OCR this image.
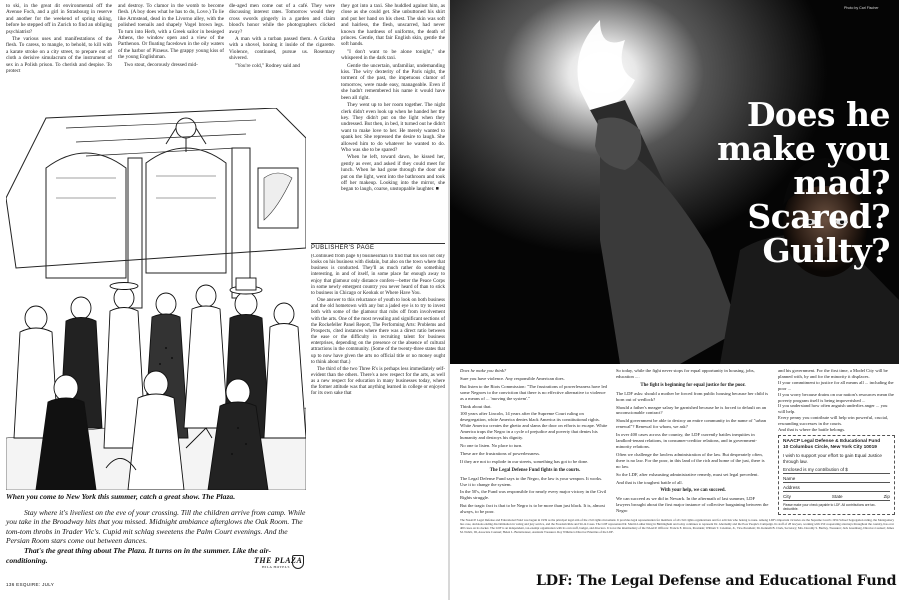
to ski, in the great 4it environmental off the Avenue Foch, and a girl in Strasbourg in reserve and another for the weekend of spring skiing, before he stepped off in Zurich to find an obliging psychiatrist?

The various uses and manifestations of the flesh. To caress, to mangle, to behold, to kill with a karate stroke on a city street, to prepare out of cloth a derisive simulacrum of the instrument of sex in a Polish prison. To cherish and despise. To protect

and destroy. To clamor in the womb to become flesh. (A boy does what he has to do, Love.) To lie like Armstead, dead in the Livorno alley, with the polished toenails and shapely Vogel brown legs. To turn into Herb, with a Greek sailor in besieged Athens, the window open and a view of the Parthenon. Or floating facedown in the oily waters of the harbor of Piraeus. The grappy young kiss of the young Englishman.

Two stout, decorously dressed mid-

dle-aged men come out of a café. They were discussing interest rates. Tomorrow would they cross swords gingerly in a garden and claim blood's honor while the photographers clicked away?

A man with a turban passed them. A Gurkha with a shovel, honing it inside of the cigarette. Violence, continued, pursue us. Rosemary shivered.

"You're cold," Rodney said and

they got into a taxi. She huddled against him, as close as she could get. She unbuttoned his shirt and put her hand on his chest. The skin was soft and hairless, the flesh, unscarred, had never known the hardness of uniforms, the death of princes. Gentle, that fair English skin, gentle the soft hands.

"I don't want to be alone tonight," she whispered in the dark taxi.

Gentle the uncertain, unfamiliar, undemanding kiss. The wiry dexterity of the Paris night, the torment of the past, the impetuous clamor of tomorrow, were made easy, manageable. Even if she hadn't remembered his name it would have been all right.

They went up to her room together. The night clerk didn't even look up when he handed her the key. They didn't put on the light when they undressed. But then, in bed, it turned out he didn't want to make love to her. He merely wanted to spank her. She repressed the desire to laugh. She allowed him to do whatever he wanted to do. Who was she to be spared?

When he left, toward dawn, he kissed her, gently as ever, and asked if they could meet for lunch. When he had gone through the door she put on the light, went into the bathroom and took off her makeup. Looking into the mirror, she began to laugh, coarse, unstoppable laughter. ■

PUBLISHER'S PAGE

(Continued from page 6) businessman to find that his son not only looks on his business with disdain, but also on the town where that business is conducted. They'll as much rather do something interesting, in and of itself, in some place far enough away to enjoy that glamour only distance confers—better the Peace Corps in some newly emergent country you never heard of than to stick to business in Chicago or Keokuk or Where Have You.

One answer to this reluctance of youth to look on both business and the old hometown with any but a jaded eye is to try to invest both with some of the glamour that rubs off from involvement with the arts. One of the most revealing and significant sections of the Rockefeller Panel Report, The Performing Arts: Problems and Prospects, cited instances where there was a direct ratio between the ease or the difficulty in recruiting talent for business enterprises, depending on the presence or the absence of cultural attractions in the community. (Some of the twenty-three states that up to now have given the arts no official title or no money ought to think about that.)

The third of the two Three R's is perhaps less immediately self-evident than the others. There's a new respect for the arts, as well as a new respect for education in many businesses today, where the former attitude was that anything learned in college or enjoyed for its own sake that

When you come to New York this summer, catch a great show. The Plaza.
Stay where it's liveliest on the eve of your crossing. Till the children arrive from camp. While you take in the Broadway hits that you missed. Midnight ambiance afterglows the Oak Room. The tom-tom throbs in Trader Vic's. Cupid mit schlag sweetens the Palm Court evenings. And the Persian Room stars come out between dances.
That's the great thing about The Plaza. It turns on in the summer. Like the air-conditioning.	THE PLAZA
HILA HOTELS
136 ESQUIRE: JULY
Photo by Carl Fischer
Does he
make you mad?
Scared?
Guilty?

Does he make you think?

Sure you have violence. Any responsible American does.

But listen to the Riots Commission: "The frustrations of powerlessness have led some Negroes to the conviction that there is no effective alternative to violence as a means of ... 'moving the system'."

Think about that.

100 years after Lincoln, 14 years after the Supreme Court ruling on desegregation, white America denies black America its constitutional rights. White America creates the ghetto and slams the door on efforts to escape. White America traps the Negro in a cycle of prejudice and poverty that denies his humanity and destroys his dignity.

No one to listen. No place to turn.

These are the frustrations of powerlessness.

If they are not to explode in our streets, something has got to be done.

The Legal Defense Fund fights in the courts.

The Legal Defense Fund says to the Negro, the law is your weapon. It works. Use it to change the system.

In the 50's, the Fund was responsible for nearly every major victory in the Civil Rights struggle.

But the tragic fact is that to be Negro is to be more than just black. It is, almost always, to be poor.

So today, while the fight never stops for equal opportunity in housing, jobs, education ....

The fight is beginning for equal justice for the poor.

The LDF asks: should a mother be forced from public housing because her child is born out of wedlock?

Should a father's meagre salary be garnished because he is forced to default on an unconscionable contract?

Should government be able to destroy an entire community in the name of "urban renewal"? Renewal for whom, we ask?

In over 400 cases across the country, the LDF currently battles inequities in landlord-tenant relations, in consumer-creditor relations, and in government-minority relations.

Often we challenge the lawless administration of the law. But desperately often, there is no law. For the poor, in this land of the rich and home of the just, there is no law.

So the LDF, after exhausting administrative remedy, must set legal precedent.

And that is the toughest battle of all.

With your help, we can succeed.

We can succeed as we did in Newark. In the aftermath of last summer, LDF lawyers brought about the first major instance of collective bargaining between the Negro

and his government. For the first time, a Model City will be planned with, by and for the minority it displaces.

If your commitment to justice for all means all ... including the poor ...

If you worry because drains on our nation's resources mean the poverty program itself is being impoverished ...

If you understand how often anguish underlies anger ... you will help.

Every penny you contribute will help win powerful, crucial, resounding successes in the courts.

And that is where the battle belongs.

NAACP Legal Defense & Educational Fund
10 Columbus Circle, New York City 10019
I wish to support your effort to gain Equal Justice through law.
Enclosed is my contribution of $
Name
Address
City	State	Zip
Please make your check payable to LDF. All contributions are tax-deductible.
The NAACP Legal Defense and Educational Fund was begun in 1939 as the principal legal arm of the civil rights movement. It provides legal representation for members of all civil rights organizations and for activists who belong to none. Among LDF's important victories are the Supreme Court's 1954 School Segregation ruling, the Montgomery bus case, decisions ending discrimination in voting and jury service, and the Freedom Ride and Sit-in Cases. The LDF represented Dr. Martin Luther King in Birmingham and today continues to represent Dr. Abernathy and the Poor People's Campaign. Its staff of 28 lawyers, working with 250 cooperating attorneys throughout the country, has over 400 cases on its docket. The LDF is an independent, tax-exempt organization with its own staff, budget, and directors. It is not the intermediary of the NAACP. Officers: Francis E. Rivers, President; William T. Coleman, Jr., Vice-President; Dr. Kenneth B. Clark, Secretary; Mrs. Dorothy S. Bartley, Treasurer; Jack Greenberg, Director-Counsel; James M. Nabrit, III, Associate Counsel; Helen L. Buttenwieser, Assistant Treasurer. Roy Wilkins is Director Emeritus of the LDF.
LDF: The Legal Defense and Educational Fund
